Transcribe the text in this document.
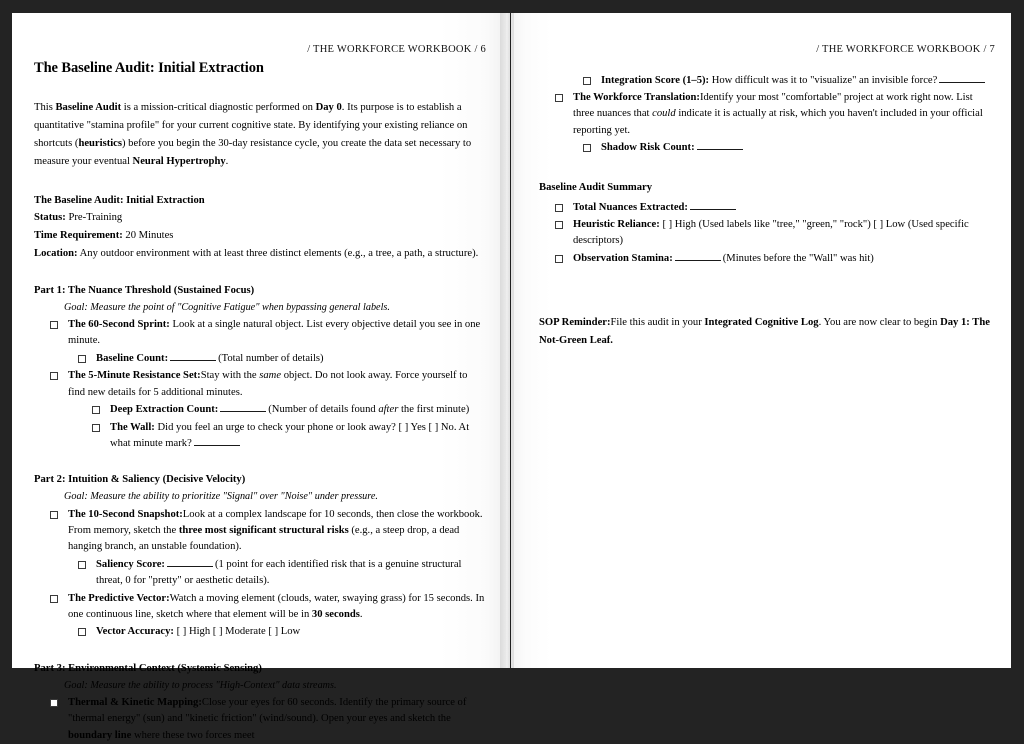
/ THE WORKFORCE WORKBOOK / 6
The Baseline Audit: Initial Extraction

This Baseline Audit is a mission-critical diagnostic performed on Day 0. Its purpose is to establish a quantitative "stamina profile" for your current cognitive state. By identifying your existing reliance on shortcuts (heuristics) before you begin the 30-day resistance cycle, you create the data set necessary to measure your eventual Neural Hypertrophy.

The Baseline Audit: Initial Extraction
Status: Pre-Training
Time Requirement: 20 Minutes
Location: Any outdoor environment with at least three distinct elements (e.g., a tree, a path, a structure).
Part 1: The Nuance Threshold (Sustained Focus)
Goal: Measure the point of "Cognitive Fatigue" when bypassing general labels.
The 60-Second Sprint: Look at a single natural object. List every objective detail you see in one minute.
Baseline Count:	(Total number of details)
The 5-Minute Resistance Set:Stay with the same object. Do not look away. Force yourself to find new details for 5 additional minutes.
Deep Extraction Count:	(Number of details found after the first minute)
The Wall: Did you feel an urge to check your phone or look away? [ ] Yes [ ] No. At what minute mark?
Part 2: Intuition & Saliency (Decisive Velocity)
Goal: Measure the ability to prioritize "Signal" over "Noise" under pressure.
The 10-Second Snapshot:Look at a complex landscape for 10 seconds, then close the workbook. From memory, sketch the three most significant structural risks (e.g., a steep drop, a dead hanging branch, an unstable foundation).
Saliency Score:	(1 point for each identified risk that is a genuine structural threat, 0 for "pretty" or aesthetic details).
The Predictive Vector:Watch a moving element (clouds, water, swaying grass) for 15 seconds. In one continuous line, sketch where that element will be in 30 seconds.
Vector Accuracy: [ ] High [ ] Moderate [ ] Low
Part 3: Environmental Context (Systemic Sensing)
Goal: Measure the ability to process "High-Context" data streams.
Thermal & Kinetic Mapping:Close your eyes for 60 seconds. Identify the primary source of "thermal energy" (sun) and "kinetic friction" (wind/sound). Open your eyes and sketch the boundary line where these two forces meet
/ THE WORKFORCE WORKBOOK / 7
Integration Score (1–5): How difficult was it to "visualize" an invisible force?
The Workforce Translation:Identify your most "comfortable" project at work right now. List three nuances that could indicate it is actually at risk, which you haven't included in your official reporting yet.
Shadow Risk Count:
Baseline Audit Summary
Total Nuances Extracted:
Heuristic Reliance: [ ] High (Used labels like "tree," "green," "rock") [ ] Low (Used specific descriptors)
Observation Stamina:	(Minutes before the "Wall" was hit)
SOP Reminder:File this audit in your Integrated Cognitive Log. You are now clear to begin Day 1: The Not-Green Leaf.
